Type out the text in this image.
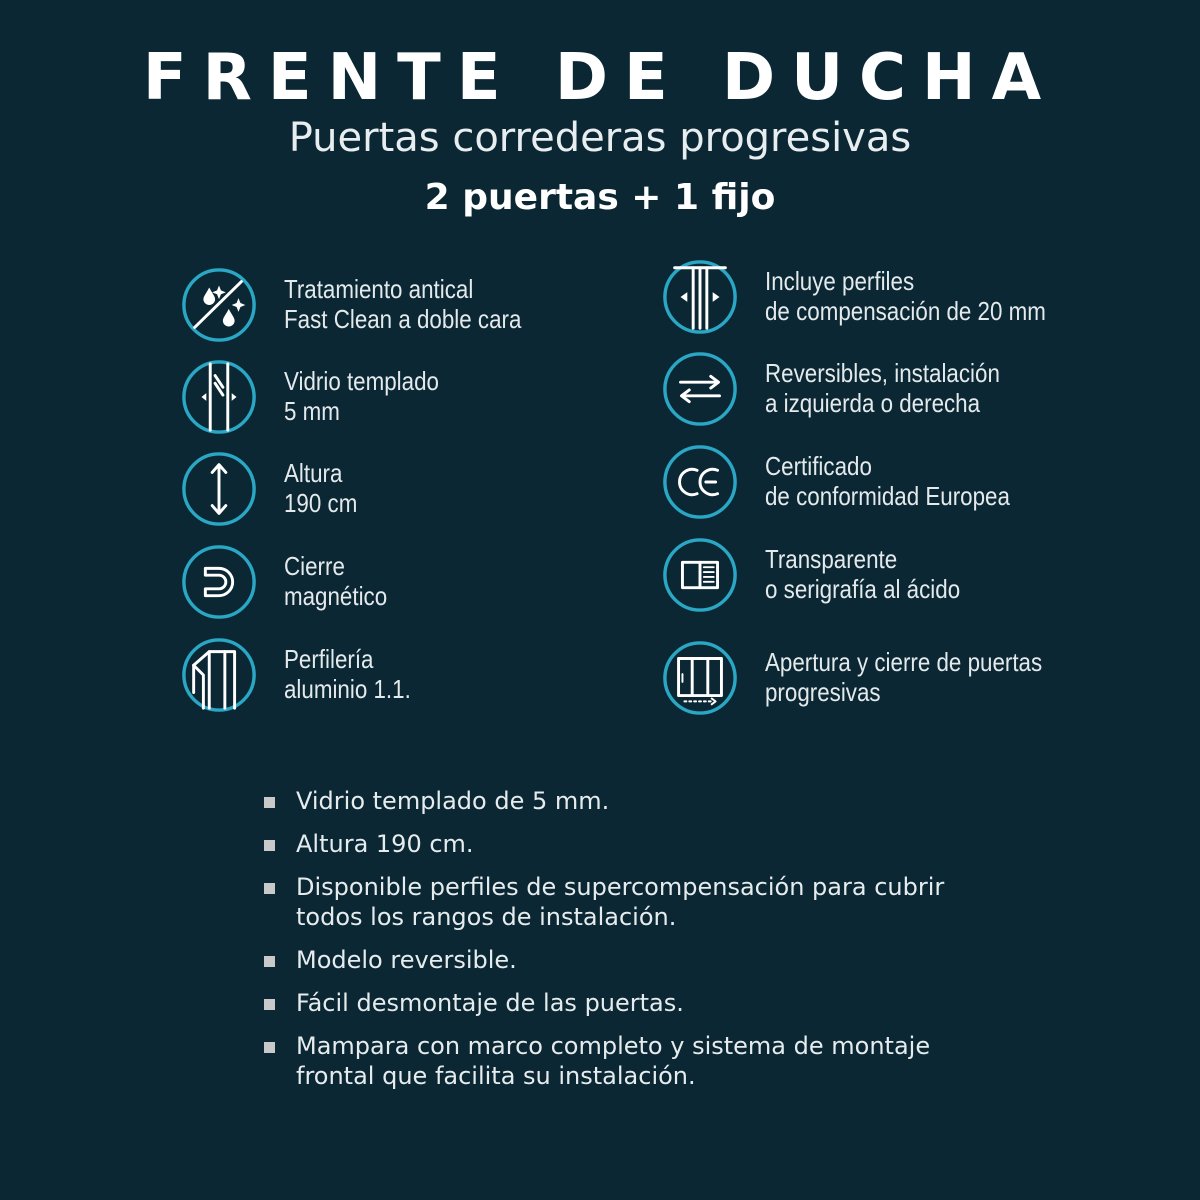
FRENTE DE DUCHA
Puertas correderas progresivas
2 puertas + 1 fijo
Tratamiento antical
Fast Clean a doble cara
Vidrio templado
5 mm
Altura
190 cm
Cierre
magnético
Perfilería
aluminio 1.1.
Incluye perfiles
de compensación de 20 mm
Reversibles, instalación
a izquierda o derecha
Certificado
de conformidad Europea
Transparente
o serigrafía al ácido
Apertura y cierre de puertas
progresivas
Vidrio templado de 5 mm.
Altura 190 cm.
Disponible perfiles de supercompensación para cubrir
todos los rangos de instalación.
Modelo reversible.
Fácil desmontaje de las puertas.
Mampara con marco completo y sistema de montaje
frontal que facilita su instalación.
